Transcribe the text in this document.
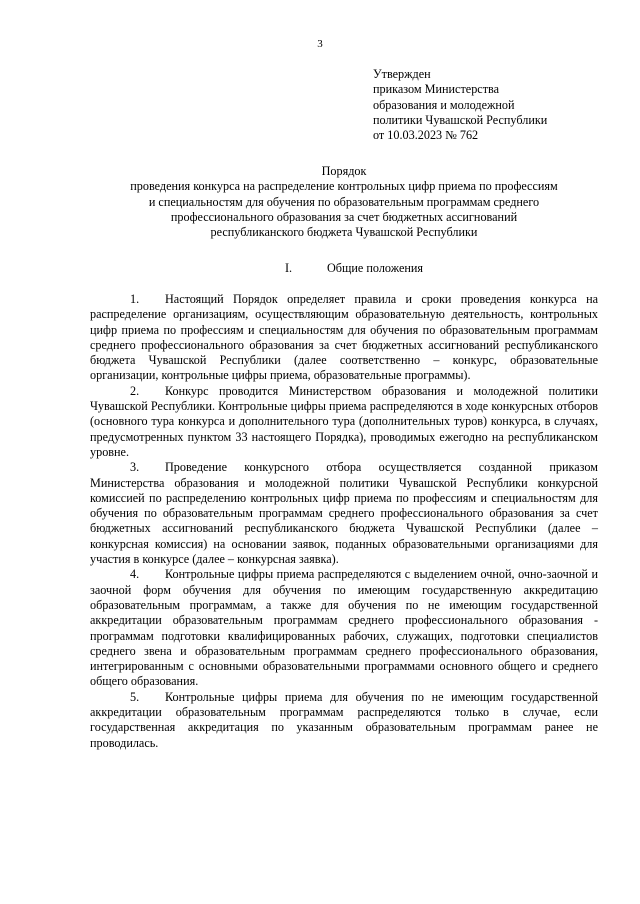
3
Утвержден
приказом Министерства
образования и молодежной
политики Чувашской Республики
от 10.03.2023 № 762
Порядок
проведения конкурса на распределение контрольных цифр приема по профессиям
и специальностям для обучения по образовательным программам среднего
профессионального образования за счет бюджетных ассигнований
республиканского бюджета Чувашской Республики
I.	Общие положения
1. Настоящий Порядок определяет правила и сроки проведения конкурса на распределение организациям, осуществляющим образовательную деятельность, контрольных цифр приема по профессиям и специальностям для обучения по образовательным программам среднего профессионального образования за счет бюджетных ассигнований республиканского бюджета Чувашской Республики (далее соответственно – конкурс, образовательные организации, контрольные цифры приема, образовательные программы).
2. Конкурс проводится Министерством образования и молодежной политики Чувашской Республики. Контрольные цифры приема распределяются в ходе конкурсных отборов (основного тура конкурса и дополнительного тура (дополнительных туров) конкурса, в случаях, предусмотренных пунктом 33 настоящего Порядка), проводимых ежегодно на республиканском уровне.
3. Проведение конкурсного отбора осуществляется созданной приказом Министерства образования и молодежной политики Чувашской Республики конкурсной комиссией по распределению контрольных цифр приема по профессиям и специальностям для обучения по образовательным программам среднего профессионального образования за счет бюджетных ассигнований республиканского бюджета Чувашской Республики (далее – конкурсная комиссия) на основании заявок, поданных образовательными организациями для участия в конкурсе (далее – конкурсная заявка).
4. Контрольные цифры приема распределяются с выделением очной, очно-заочной и заочной форм обучения для обучения по имеющим государственную аккредитацию образовательным программам, а также для обучения по не имеющим государственной аккредитации образовательным программам среднего профессионального образования - программам подготовки квалифицированных рабочих, служащих, подготовки специалистов среднего звена и образовательным программам среднего профессионального образования, интегрированным с основными образовательными программами основного общего и среднего общего образования.
5. Контрольные цифры приема для обучения по не имеющим государственной аккредитации образовательным программам распределяются только в случае, если государственная аккредитация по указанным образовательным программам ранее не проводилась.
